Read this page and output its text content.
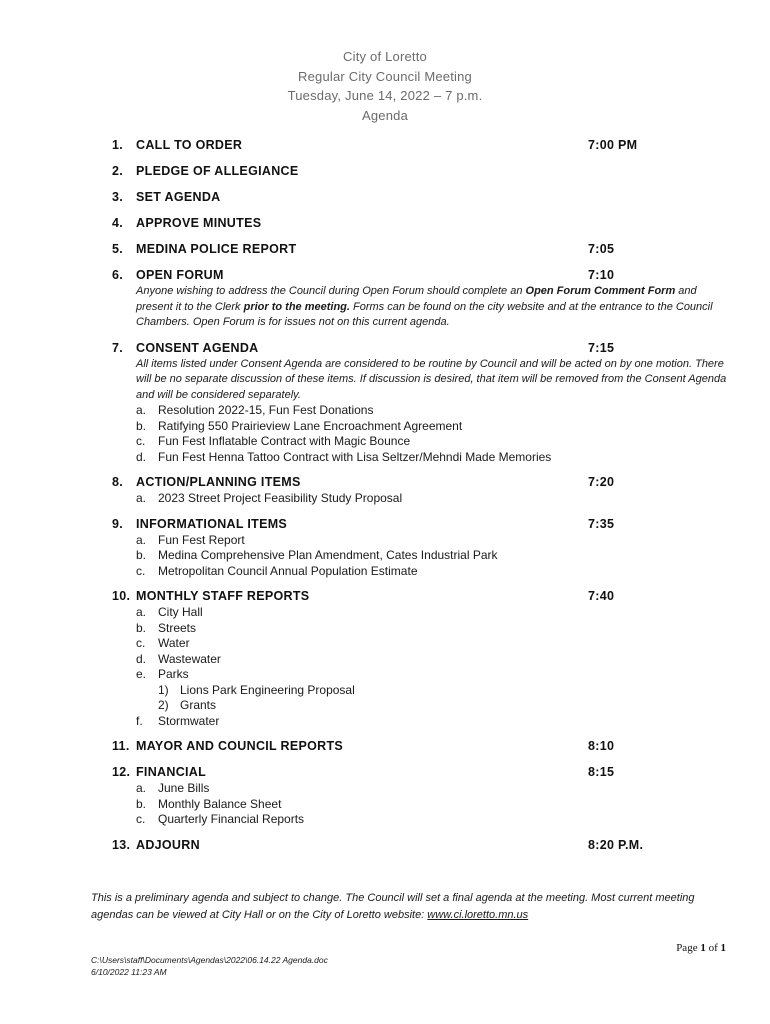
City of Loretto
Regular City Council Meeting
Tuesday, June 14, 2022 – 7 p.m.
Agenda
1. CALL TO ORDER	7:00 PM
2. PLEDGE OF ALLEGIANCE
3. SET AGENDA
4. APPROVE MINUTES
5. MEDINA POLICE REPORT	7:05
6. OPEN FORUM	7:10
Anyone wishing to address the Council during Open Forum should complete an Open Forum Comment Form and present it to the Clerk prior to the meeting. Forms can be found on the city website and at the entrance to the Council Chambers. Open Forum is for issues not on this current agenda.
7. CONSENT AGENDA	7:15
All items listed under Consent Agenda are considered to be routine by Council and will be acted on by one motion. There will be no separate discussion of these items. If discussion is desired, that item will be removed from the Consent Agenda and will be considered separately.
a. Resolution 2022-15, Fun Fest Donations
b. Ratifying 550 Prairieview Lane Encroachment Agreement
c. Fun Fest Inflatable Contract with Magic Bounce
d. Fun Fest Henna Tattoo Contract with Lisa Seltzer/Mehndi Made Memories
8. ACTION/PLANNING ITEMS	7:20
a. 2023 Street Project Feasibility Study Proposal
9. INFORMATIONAL ITEMS	7:35
a. Fun Fest Report
b. Medina Comprehensive Plan Amendment, Cates Industrial Park
c. Metropolitan Council Annual Population Estimate
10. MONTHLY STAFF REPORTS	7:40
a. City Hall
b. Streets
c. Water
d. Wastewater
e. Parks
1) Lions Park Engineering Proposal
2) Grants
f. Stormwater
11. MAYOR AND COUNCIL REPORTS	8:10
12. FINANCIAL	8:15
a. June Bills
b. Monthly Balance Sheet
c. Quarterly Financial Reports
13. ADJOURN	8:20 P.M.
This is a preliminary agenda and subject to change. The Council will set a final agenda at the meeting. Most current meeting agendas can be viewed at City Hall or on the City of Loretto website: www.ci.loretto.mn.us
Page 1 of 1
C:\Users\staff\Documents\Agendas\2022\06.14.22 Agenda.doc
6/10/2022 11:23 AM
